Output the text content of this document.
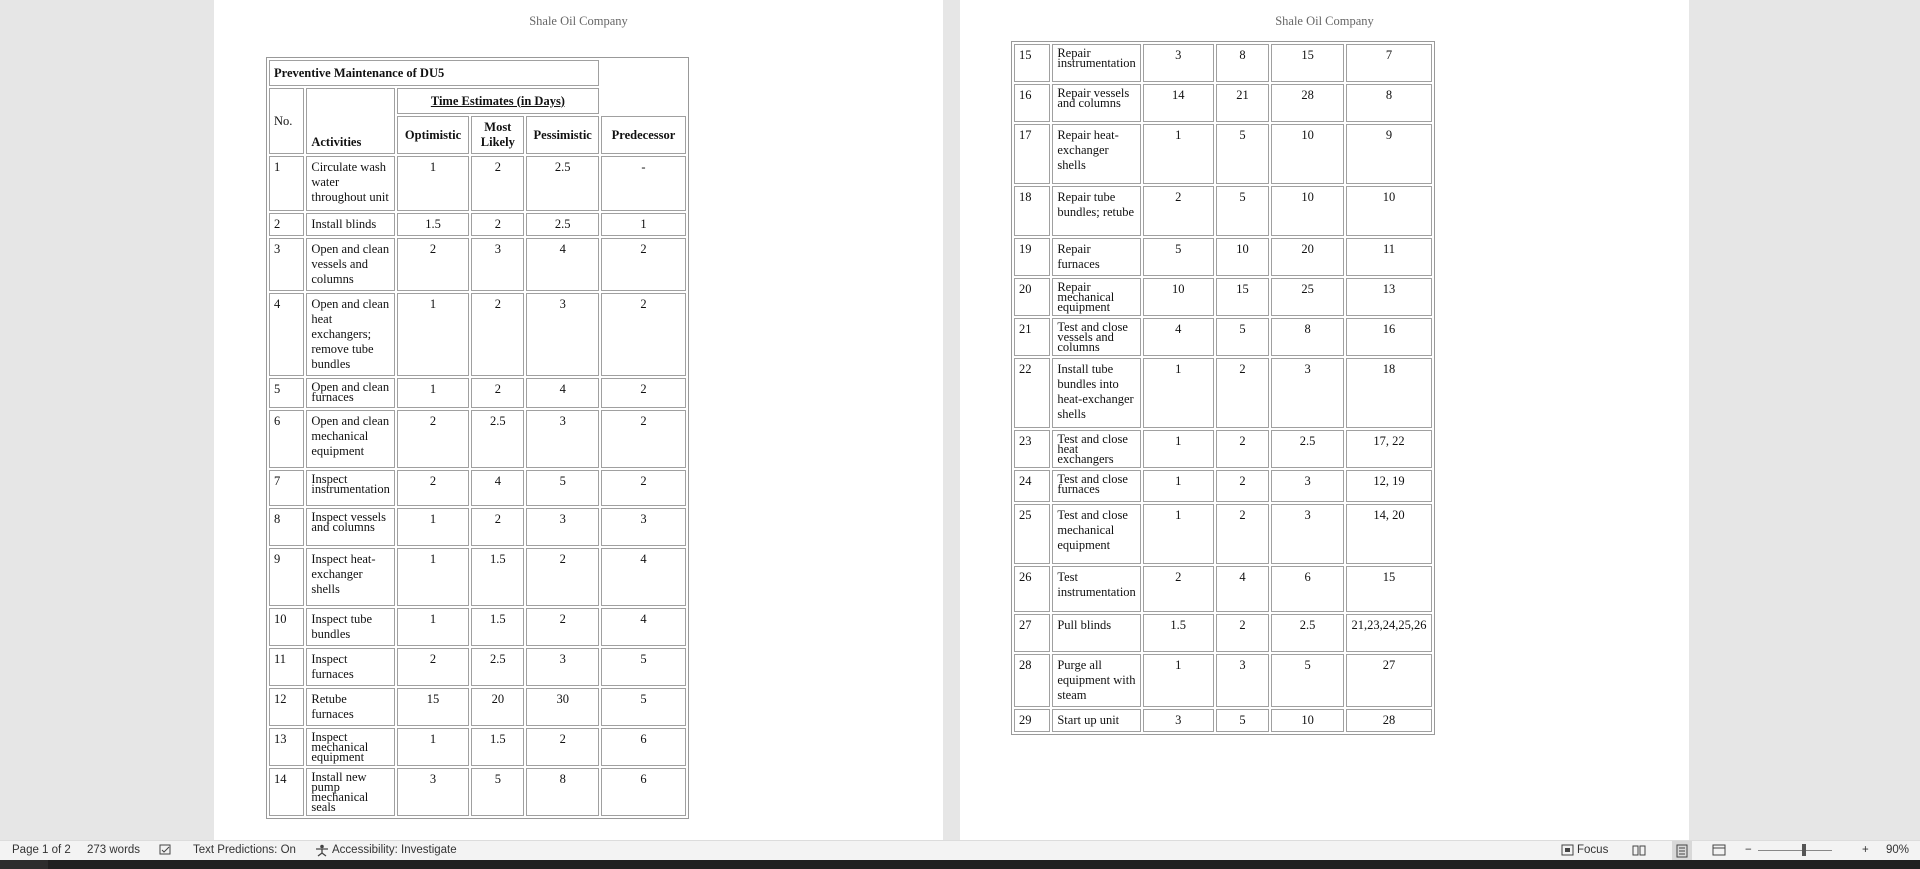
Shale Oil Company
Preventive Maintenance of DU5					
No.	Activities	Time Estimates (in Days)			
		Optimistic	Most Likely	Pessimistic	Predecessor
1	Circulate wash water throughout unit	1	2	2.5	-
2	Install blinds	1.5	2	2.5	1
3	Open and clean vessels and columns	2	3	4	2
4	Open and clean heat exchangers; remove tube bundles	1	2	3	2
5	Open and clean furnaces	1	2	4	2
6	Open and clean mechanical equipment	2	2.5	3	2
7	Inspect instrumentation	2	4	5	2
8	Inspect vessels and columns	1	2	3	3
9	Inspect heat-exchanger shells	1	1.5	2	4
10	Inspect tube bundles	1	1.5	2	4
11	Inspect furnaces	2	2.5	3	5
12	Retube furnaces	15	20	30	5
13	Inspect mechanical equipment	1	1.5	2	6
14	Install new pump mechanical seals	3	5	8	6
Shale Oil Company
15	Repair instrumentation	3	8	15	7
16	Repair vessels and columns	14	21	28	8
17	Repair heat-exchanger shells	1	5	10	9
18	Repair tube bundles; retube	2	5	10	10
19	Repair furnaces	5	10	20	11
20	Repair mechanical equipment	10	15	25	13
21	Test and close vessels and columns	4	5	8	16
22	Install tube bundles into heat-exchanger shells	1	2	3	18
23	Test and close heat exchangers	1	2	2.5	17, 22
24	Test and close furnaces	1	2	3	12, 19
25	Test and close mechanical equipment	1	2	3	14, 20
26	Test instrumentation	2	4	6	15
27	Pull blinds	1.5	2	2.5	21,23,24,25,26
28	Purge all equipment with steam	1	3	5	27
29	Start up unit	3	5	10	28
Page 1 of 2 273 words	Text Predictions: On	Accessibility: Investigate	Focus	−	+ 90%
